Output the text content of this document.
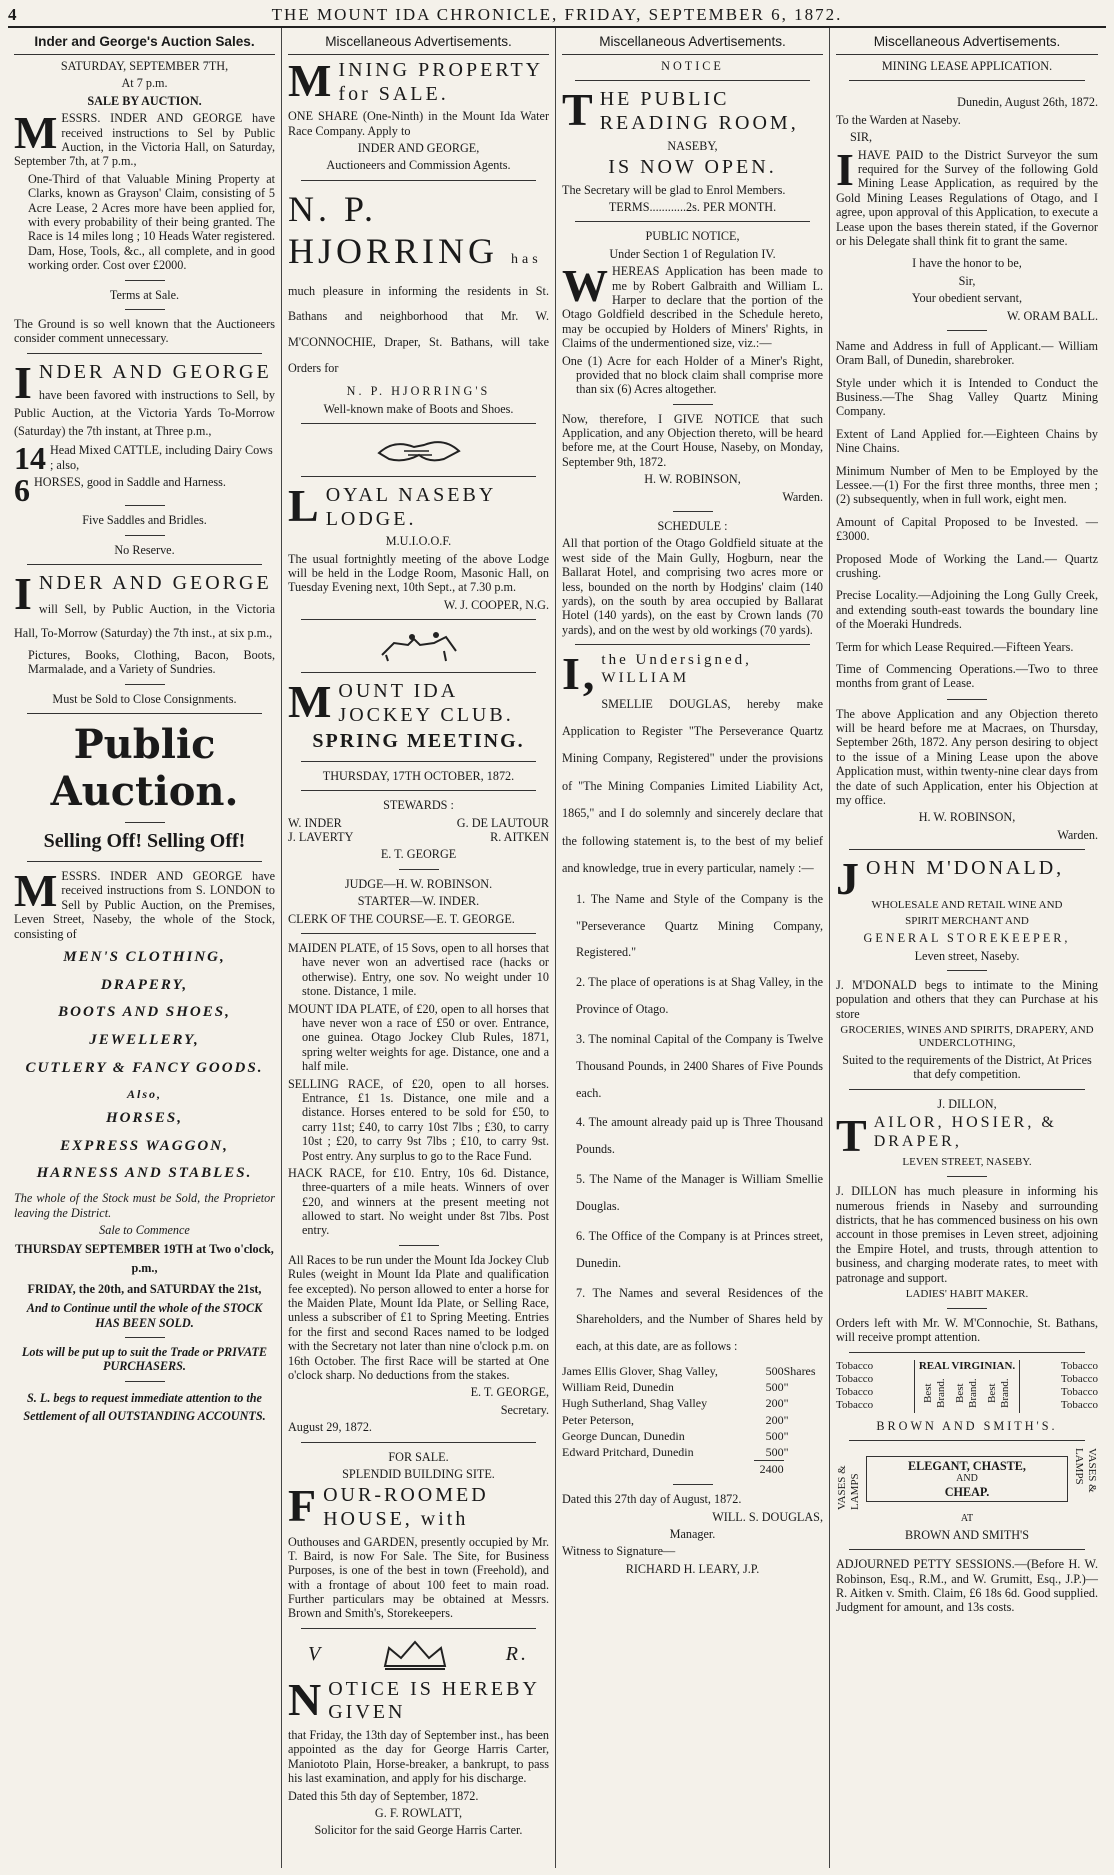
4	THE MOUNT IDA CHRONICLE, FRIDAY, SEPTEMBER 6, 1872.
Inder and George's Auction Sales.

SATURDAY, SEPTEMBER 7TH,

At 7 p.m.

SALE BY AUCTION.

MESSRS. INDER AND GEORGE have received instructions to Sel by Public Auction, in the Victoria Hall, on Saturday, September 7th, at 7 p.m.,

One-Third of that Valuable Mining Property at Clarks, known as Grayson' Claim, consisting of 5 Acre Lease, 2 Acres more have been applied for, with every probability of their being granted. The Race is 14 miles long ; 10 Heads Water registered. Dam, Hose, Tools, &c., all complete, and in good working order. Cost over £2000.

Terms at Sale.

The Ground is so well known that the Auctioneers consider comment unnecessary.

INDER AND GEORGE

have been favored with instructions to Sell, by Public Auction, at the Victoria Yards To-Morrow (Saturday) the 7th instant, at Three p.m.,

14 Head Mixed CATTLE, including Dairy Cows ; also,

6 HORSES, good in Saddle and Harness.

Five Saddles and Bridles.

No Reserve.

INDER AND GEORGE

will Sell, by Public Auction, in the Victoria Hall, To-Morrow (Saturday) the 7th inst., at six p.m.,

Pictures, Books, Clothing, Bacon, Boots, Marmalade, and a Variety of Sundries.

Must be Sold to Close Consignments.

Public Auction.

Selling Off! Selling Off!

MESSRS. INDER AND GEORGE have received instructions from S. LONDON to Sell by Public Auction, on the Premises, Leven Street, Naseby, the whole of the Stock, consisting of

MEN'S CLOTHING,
DRAPERY,
BOOTS AND SHOES,
JEWELLERY,
CUTLERY & FANCY GOODS.
Also,
HORSES,
EXPRESS WAGGON,
HARNESS AND STABLES.

The whole of the Stock must be Sold, the Proprietor leaving the District.

Sale to Commence

THURSDAY SEPTEMBER 19TH at Two o'clock, p.m.,

FRIDAY, the 20th, and SATURDAY the 21st,

And to Continue until the whole of the STOCK HAS BEEN SOLD.

Lots will be put up to suit the Trade or PRIVATE PURCHASERS.

S. L. begs to request immediate attention to the Settlement of all OUTSTANDING ACCOUNTS.

Miscellaneous Advertisements.

MINING PROPERTY for SALE.

ONE SHARE (One-Ninth) in the Mount Ida Water Race Company. Apply to

INDER AND GEORGE,

Auctioneers and Commission Agents.

N. P. HJORRING has

much pleasure in informing the residents in St. Bathans and neighborhood that Mr. W. M'CONNOCHIE, Draper, St. Bathans, will take Orders for

N. P. HJORRING'S

Well-known make of Boots and Shoes.

LOYAL NASEBY LODGE.

M.U.I.O.O.F.

The usual fortnightly meeting of the above Lodge will be held in the Lodge Room, Masonic Hall, on Tuesday Evening next, 10th Sept., at 7.30 p.m.

W. J. COOPER, N.G.

MOUNT IDA JOCKEY CLUB.

SPRING MEETING.

THURSDAY, 17TH OCTOBER, 1872.

STEWARDS :

W. INDER	G. DE LAUTOUR
J. LAVERTY	R. AITKEN

E. T. GEORGE

JUDGE—H. W. ROBINSON.

STARTER—W. INDER.

CLERK OF THE COURSE—E. T. GEORGE.

MAIDEN PLATE, of 15 Sovs, open to all horses that have never won an advertised race (hacks or otherwise). Entry, one sov. No weight under 10 stone. Distance, 1 mile.

MOUNT IDA PLATE, of £20, open to all horses that have never won a race of £50 or over. Entrance, one guinea. Otago Jockey Club Rules, 1871, spring welter weights for age. Distance, one and a half mile.

SELLING RACE, of £20, open to all horses. Entrance, £1 1s. Distance, one mile and a distance. Horses entered to be sold for £50, to carry 11st; £40, to carry 10st 7lbs ; £30, to carry 10st ; £20, to carry 9st 7lbs ; £10, to carry 9st. Post entry. Any surplus to go to the Race Fund.

HACK RACE, for £10. Entry, 10s 6d. Distance, three-quarters of a mile heats. Winners of over £20, and winners at the present meeting not allowed to start. No weight under 8st 7lbs. Post entry.

All Races to be run under the Mount Ida Jockey Club Rules (weight in Mount Ida Plate and qualification fee excepted). No person allowed to enter a horse for the Maiden Plate, Mount Ida Plate, or Selling Race, unless a subscriber of £1 to Spring Meeting. Entries for the first and second Races named to be lodged with the Secretary not later than nine o'clock p.m. on 16th October. The first Race will be started at One o'clock sharp. No deductions from the stakes.

E. T. GEORGE,

Secretary.

August 29, 1872.

FOR SALE.

SPLENDID BUILDING SITE.

FOUR-ROOMED HOUSE, with

Outhouses and GARDEN, presently occupied by Mr. T. Baird, is now For Sale. The Site, for Business Purposes, is one of the best in town (Freehold), and with a frontage of about 100 feet to main road. Further particulars may be obtained at Messrs. Brown and Smith's, Storekeepers.

V	R.

NOTICE IS HEREBY GIVEN

that Friday, the 13th day of September inst., has been appointed as the day for George Harris Carter, Maniototo Plain, Horse-breaker, a bankrupt, to pass his last examination, and apply for his discharge.

Dated this 5th day of September, 1872.

G. F. ROWLATT,

Solicitor for the said George Harris Carter.

Miscellaneous Advertisements.

NOTICE

THE PUBLIC READING ROOM,

NASEBY,

IS NOW OPEN.

The Secretary will be glad to Enrol Members.

TERMS............2s. PER MONTH.

PUBLIC NOTICE,

Under Section 1 of Regulation IV.

WHEREAS Application has been made to me by Robert Galbraith and William L. Harper to declare that the portion of the Otago Goldfield described in the Schedule hereto, may be occupied by Holders of Miners' Rights, in Claims of the undermentioned size, viz.:—

One (1) Acre for each Holder of a Miner's Right, provided that no block claim shall comprise more than six (6) Acres altogether.

Now, therefore, I GIVE NOTICE that such Application, and any Objection thereto, will be heard before me, at the Court House, Naseby, on Monday, September 9th, 1872.

H. W. ROBINSON,

Warden.

SCHEDULE :

All that portion of the Otago Goldfield situate at the west side of the Main Gully, Hogburn, near the Ballarat Hotel, and comprising two acres more or less, bounded on the north by Hodgins' claim (140 yards), on the south by area occupied by Ballarat Hotel (140 yards), on the east by Crown lands (70 yards), and on the west by old workings (70 yards).

I, the Undersigned, WILLIAM

SMELLIE DOUGLAS, hereby make Application to Register "The Perseverance Quartz Mining Company, Registered" under the provisions of "The Mining Companies Limited Liability Act, 1865," and I do solemnly and sincerely declare that the following statement is, to the best of my belief and knowledge, true in every particular, namely :—

1. The Name and Style of the Company is the "Perseverance Quartz Mining Company, Registered."

2. The place of operations is at Shag Valley, in the Province of Otago.

3. The nominal Capital of the Company is Twelve Thousand Pounds, in 2400 Shares of Five Pounds each.

4. The amount already paid up is Three Thousand Pounds.

5. The Name of the Manager is William Smellie Douglas.

6. The Office of the Company is at Princes street, Dunedin.

7. The Names and several Residences of the Shareholders, and the Number of Shares held by each, at this date, are as follows :

James Ellis Glover, Shag Valley,	500	Shares
William Reid, Dunedin	500	"
Hugh Sutherland, Shag Valley	200	"
Peter Peterson,	200	"
George Duncan, Dunedin	500	"
Edward Pritchard, Dunedin	500	"
	2400	

Dated this 27th day of August, 1872.

WILL. S. DOUGLAS,

Manager.

Witness to Signature—

RICHARD H. LEARY, J.P.

Miscellaneous Advertisements.

MINING LEASE APPLICATION.

Dunedin, August 26th, 1872.

To the Warden at Naseby.

SIR,

IHAVE PAID to the District Surveyor the sum required for the Survey of the following Gold Mining Lease Application, as required by the Gold Mining Leases Regulations of Otago, and I agree, upon approval of this Application, to execute a Lease upon the bases therein stated, if the Governor or his Delegate shall think fit to grant the same.

I have the honor to be,

Sir,

Your obedient servant,

W. ORAM BALL.

Name and Address in full of Applicant.— William Oram Ball, of Dunedin, sharebroker.

Style under which it is Intended to Conduct the Business.—The Shag Valley Quartz Mining Company.

Extent of Land Applied for.—Eighteen Chains by Nine Chains.

Minimum Number of Men to be Employed by the Lessee.—(1) For the first three months, three men ; (2) subsequently, when in full work, eight men.

Amount of Capital Proposed to be Invested. —£3000.

Proposed Mode of Working the Land.— Quartz crushing.

Precise Locality.—Adjoining the Long Gully Creek, and extending south-east towards the boundary line of the Moeraki Hundreds.

Term for which Lease Required.—Fifteen Years.

Time of Commencing Operations.—Two to three months from grant of Lease.

The above Application and any Objection thereto will be heard before me at Macraes, on Thursday, September 26th, 1872. Any person desiring to object to the issue of a Mining Lease upon the above Application must, within twenty-nine clear days from the date of such Application, enter his Objection at my office.

H. W. ROBINSON,

Warden.

JOHN M'DONALD,

WHOLESALE AND RETAIL WINE AND

SPIRIT MERCHANT AND

GENERAL STOREKEEPER,

Leven street, Naseby.

J. M'DONALD begs to intimate to the Mining population and others that they can Purchase at his store

GROCERIES, WINES AND SPIRITS, DRAPERY, AND UNDERCLOTHING,

Suited to the requirements of the District, At Prices that defy competition.

J. DILLON,

TAILOR, HOSIER, & DRAPER,

LEVEN STREET, NASEBY.

J. DILLON has much pleasure in informing his numerous friends in Naseby and surrounding districts, that he has commenced business on his own account in those premises in Leven street, adjoining the Empire Hotel, and trusts, through attention to business, and charging moderate rates, to meet with patronage and support.

LADIES' HABIT MAKER.

Orders left with Mr. W. M'Connochie, St. Bathans, will receive prompt attention.

Tobacco
Tobacco
Tobacco
Tobacco
REAL VIRGINIAN.
Best Brand. Best Brand. Best Brand.
Tobacco
Tobacco
Tobacco
Tobacco

BROWN AND SMITH'S.

VASES & LAMPS
ELEGANT, CHASTE,
AND
CHEAP.	VASES & LAMPS

AT

BROWN AND SMITH'S

ADJOURNED PETTY SESSIONS.—(Before H. W. Robinson, Esq., R.M., and W. Grumitt, Esq., J.P.)—R. Aitken v. Smith. Claim, £6 18s 6d. Good supplied. Judgment for amount, and 13s costs.
